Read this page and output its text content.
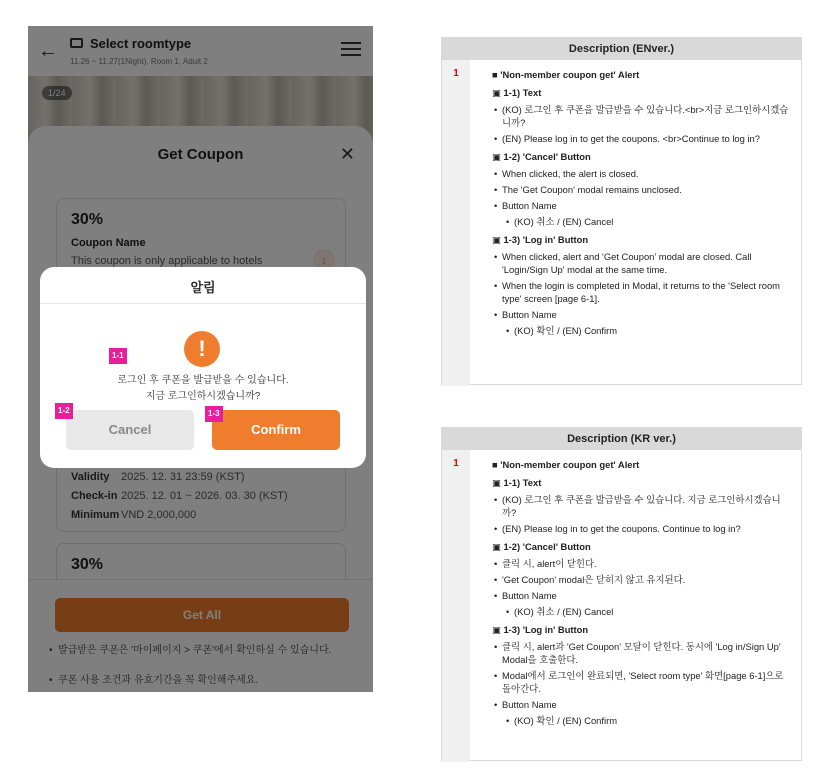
•
•
알림
!
로그인 후 쿠폰을 발급받을 수 있습니다.
지금 로그인하시겠습니까?
Cancel	Confirm
1-1
1-2	1-3
Description (ENver.)
1	■ 'Non-member coupon get' Alert
▣ 1-1) Text
• (KO) 로그인 후 쿠폰을 발급받을 수 있습니다.<br>지금 로그인하시겠습니까?
• (EN) Please log in to get the coupons. <br>Continue to log in?
▣ 1-2) 'Cancel' Button
• When clicked, the alert is closed.
• The 'Get Coupon' modal remains unclosed.
• Button Name
• (KO) 취소 / (EN) Cancel
▣ 1-3) 'Log in' Button
• When clicked, alert and 'Get Coupon' modal are closed. Call 'Login/Sign Up' modal at the same time.
• When the login is completed in Modal, it returns to the 'Select room type' screen [page 6-1].
• Button Name
• (KO) 확인 / (EN) Confirm
Description (KR ver.)
1	■ 'Non-member coupon get' Alert
▣ 1-1) Text
• (KO) 로그인 후 쿠폰을 발급받을 수 있습니다. 지금 로그인하시겠습니까?
• (EN) Please log in to get the coupons. Continue to log in?
▣ 1-2) 'Cancel' Button
• 클릭 시, alert이 닫힌다.
• 'Get Coupon' modal은 닫히지 않고 유지된다.
• Button Name
• (KO) 취소 / (EN) Cancel
▣ 1-3) 'Log in' Button
• 클릭 시, alert과 'Get Coupon' 모달이 닫힌다. 동시에 'Log in/Sign Up' Modal을 호출한다.
• Modal에서 로그인이 완료되면, 'Select room type' 화면[page 6-1]으로 돌아간다.
• Button Name
• (KO) 확인 / (EN) Confirm
